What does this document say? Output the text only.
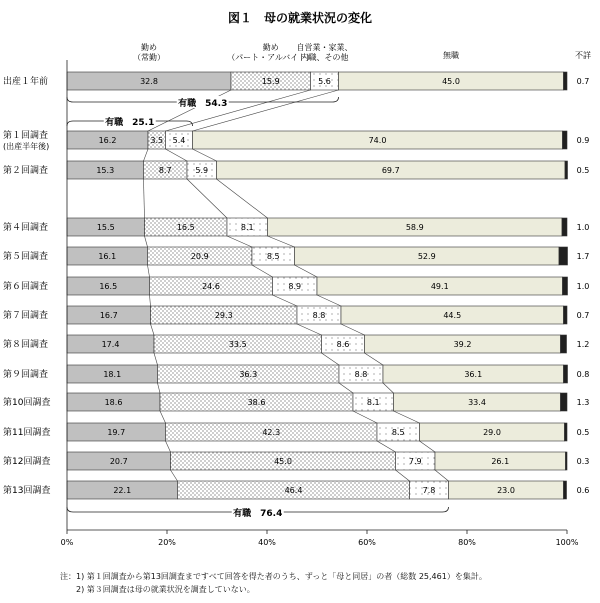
図１　母の就業状況の変化
勤め（常勤）
勤め（パート・アルバイト）
自営業・家業、内職、その他	無職	不詳
出産１年前	32.8	15.9	5.6	45.0	0.7
第１回調査
(出産半年後)
16.2	3.5 5.4	74.0	0.9
第２回調査	15.3	8.7	5.9	69.7	0.5
第４回調査	15.5	16.5	8.1	58.9	1.0
第５回調査	16.1	20.9	8.5	52.9	1.7
第６回調査	16.5	24.6	8.9	49.1	1.0
第７回調査	16.7	29.3	8.8	44.5	0.7
第８回調査	17.4	33.5	8.6	39.2	1.2
第９回調査	18.1	36.3	8.8	36.1	0.8
第10回調査	18.6	38.6	8.1	33.4	1.3
第11回調査	19.7	42.3	8.5	29.0	0.5
第12回調査	20.7	45.0	7.9	26.1	0.3
第13回調査	22.1	46.4	7.8	23.0	0.6
有職　54.3
有職　25.1
有職　76.4
0%	20%	40%	60%	80%	100%
注：1) 第１回調査から第13回調査まですべて回答を得た者のうち、ずっと「母と同居」の者（総数 25,461）を集計。
　　2) 第３回調査は母の就業状況を調査していない。
